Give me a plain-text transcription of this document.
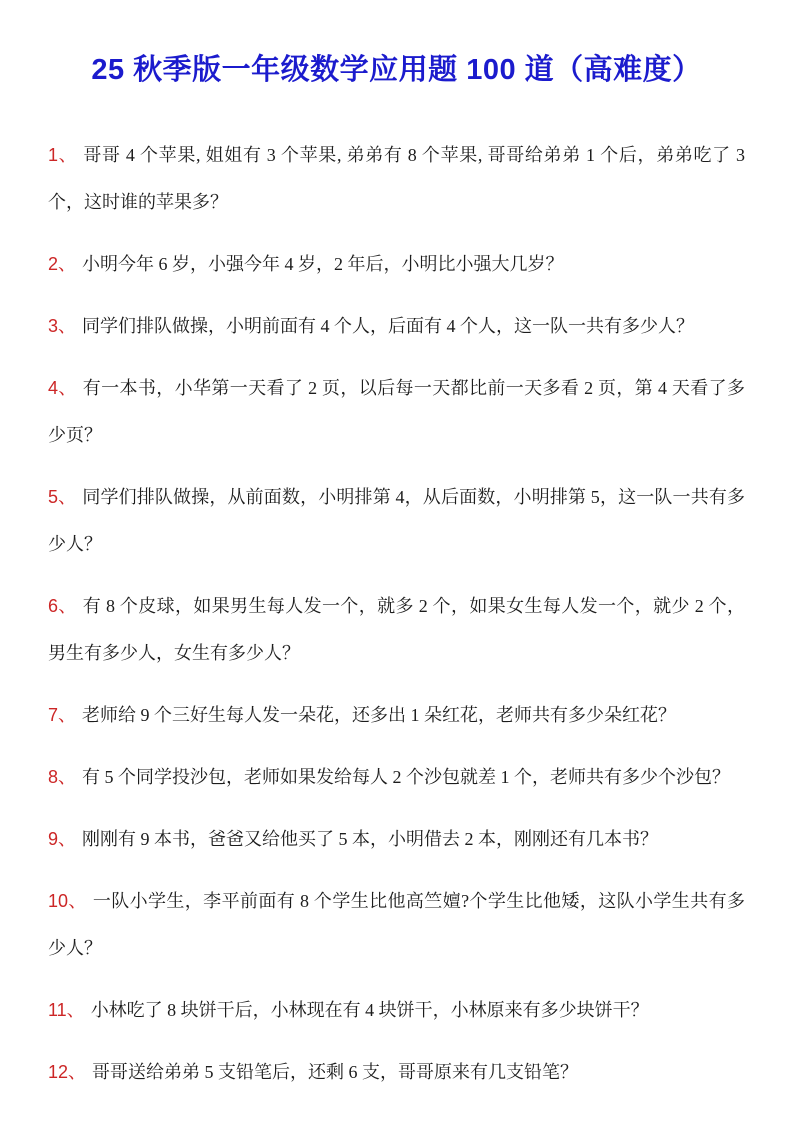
25 秋季版一年级数学应用题 100 道（高难度）

1、 哥哥 4 个苹果, 姐姐有 3 个苹果, 弟弟有 8 个苹果, 哥哥给弟弟 1 个后，弟弟吃了 3 个，这时谁的苹果多？

2、 小明今年 6 岁，小强今年 4 岁，2 年后，小明比小强大几岁？

3、 同学们排队做操，小明前面有 4 个人，后面有 4 个人，这一队一共有多少人？

4、 有一本书，小华第一天看了 2 页，以后每一天都比前一天多看 2 页，第 4 天看了多少页？

5、 同学们排队做操，从前面数，小明排第 4，从后面数，小明排第 5，这一队一共有多少人？

6、 有 8 个皮球，如果男生每人发一个，就多 2 个，如果女生每人发一个，就少 2 个，男生有多少人，女生有多少人？

7、 老师给 9 个三好生每人发一朵花，还多出 1 朵红花，老师共有多少朵红花？

8、 有 5 个同学投沙包，老师如果发给每人 2 个沙包就差 1 个，老师共有多少个沙包？

9、 刚刚有 9 本书，爸爸又给他买了 5 本，小明借去 2 本，刚刚还有几本书？

10、 一队小学生，李平前面有 8 个学生比他高竺嬗?个学生比他矮，这队小学生共有多少人？

11、 小林吃了 8 块饼干后，小林现在有 4 块饼干，小林原来有多少块饼干？

12、 哥哥送给弟弟 5 支铅笔后，还剩 6 支，哥哥原来有几支铅笔？
